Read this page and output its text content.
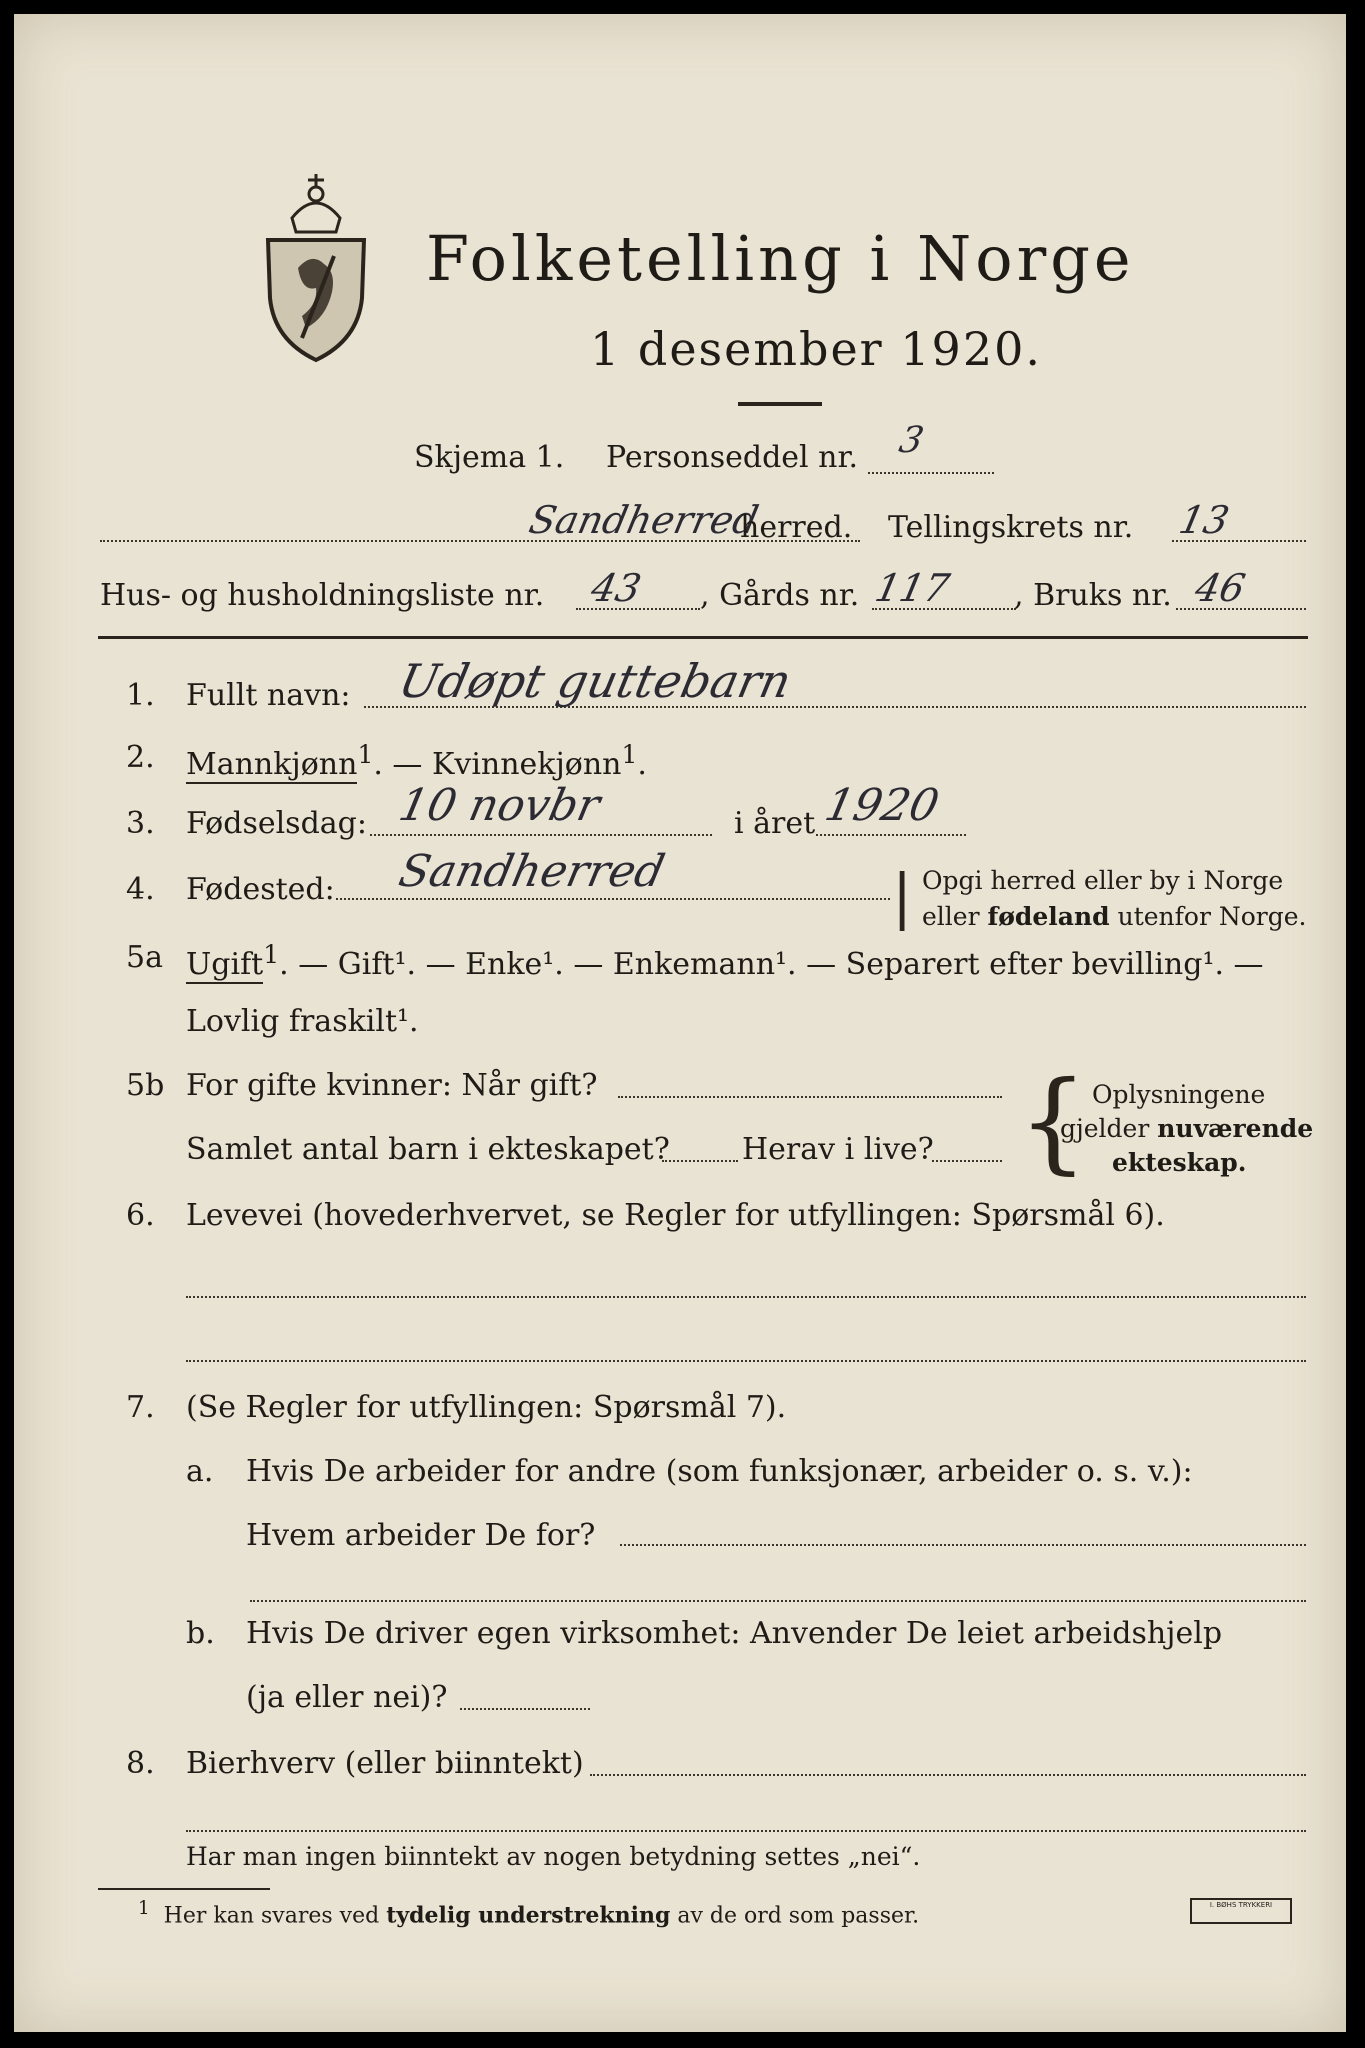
Folketelling i Norge
1 desember 1920.
Skjema 1. Personseddel nr. 3
Sandherred
herred. Tellingskrets nr. 13
Hus- og husholdningsliste nr. 43 , Gårds nr. 117 , Bruks nr. 46
1. Fullt navn: Udøpt guttebarn
2. Mannkjønn$^1$. — Kvinnekjønn$^1$.
3. Fødselsdag: 10 novbr	i året 1920
4. Fødested: Sandherred	| Opgi herred eller by i Norge
eller fødeland utenfor Norge.
5a Ugift$^1$. — Gift¹. — Enke¹. — Enkemann¹. — Separert efter bevilling¹. —
Lovlig fraskilt¹.
5b For gifte kvinner: Når gift?
Samlet antal barn i ekteskapet? Herav i live? { Oplysningene
gjelder nuværende
ekteskap.
6. Levevei (hovederhvervet, se Regler for utfyllingen: Spørsmål 6).
7. (Se Regler for utfyllingen: Spørsmål 7).
a. Hvis De arbeider for andre (som funksjonær, arbeider o. s. v.):
Hvem arbeider De for?
b. Hvis De driver egen virksomhet: Anvender De leiet arbeidshjelp
(ja eller nei)?
8. Bierhverv (eller biinntekt)
Har man ingen biinntekt av nogen betydning settes „nei“.
$^1$ Her kan svares ved tydelig understrekning av de ord som passer.	I. BØHS TRYKKERI
